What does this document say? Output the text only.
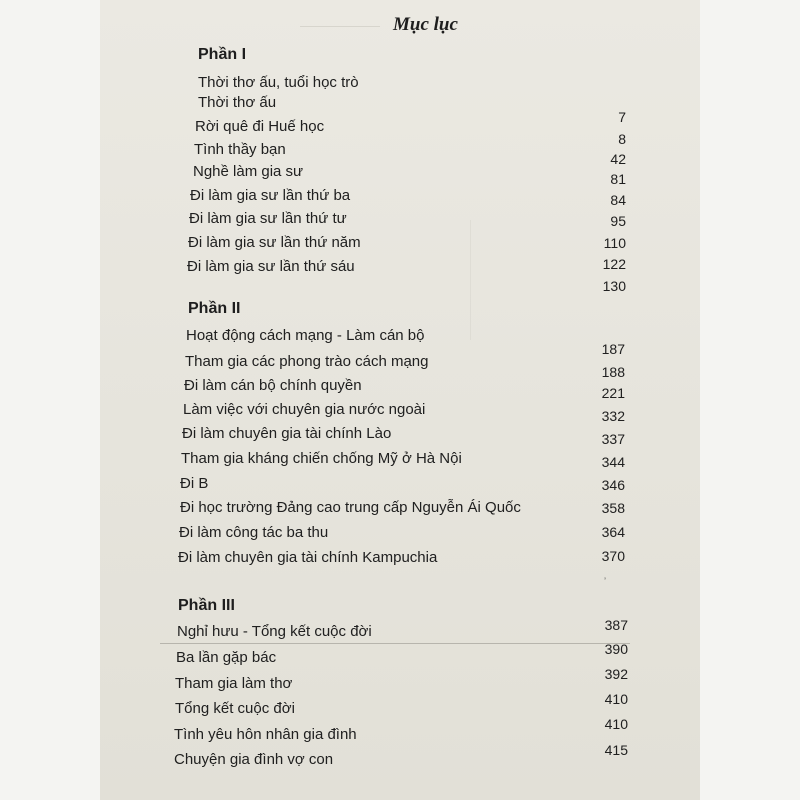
Mục lục
Phần I
Thời thơ ấu, tuổi học trò
Thời thơ ấu
Rời quê đi Huế học
Tình thầy bạn
Nghề làm gia sư
Đi làm gia sư lần thứ ba
Đi làm gia sư lần thứ tư
Đi làm gia sư lần thứ năm
Đi làm gia sư lần thứ sáu
7
8
42
81
84
95
110
122
130
Phần II
Hoạt động cách mạng - Làm cán bộ
Tham gia các phong trào cách mạng
Đi làm cán bộ chính quyền
Làm việc với chuyên gia nước ngoài
Đi làm chuyên gia tài chính Lào
Tham gia kháng chiến chống Mỹ ở Hà Nội
Đi B
Đi học trường Đảng cao trung cấp Nguyễn Ái Quốc
Đi làm công tác ba thu
Đi làm chuyên gia tài chính Kampuchia
187
188
221
332
337
344
346
358
364
370
’
Phần III
Nghỉ hưu - Tổng kết cuộc đời
Ba lần gặp bác
Tham gia làm thơ
Tổng kết cuộc đời
Tình yêu hôn nhân gia đình
Chuyện gia đình vợ con
387
390
392
410
410
415
